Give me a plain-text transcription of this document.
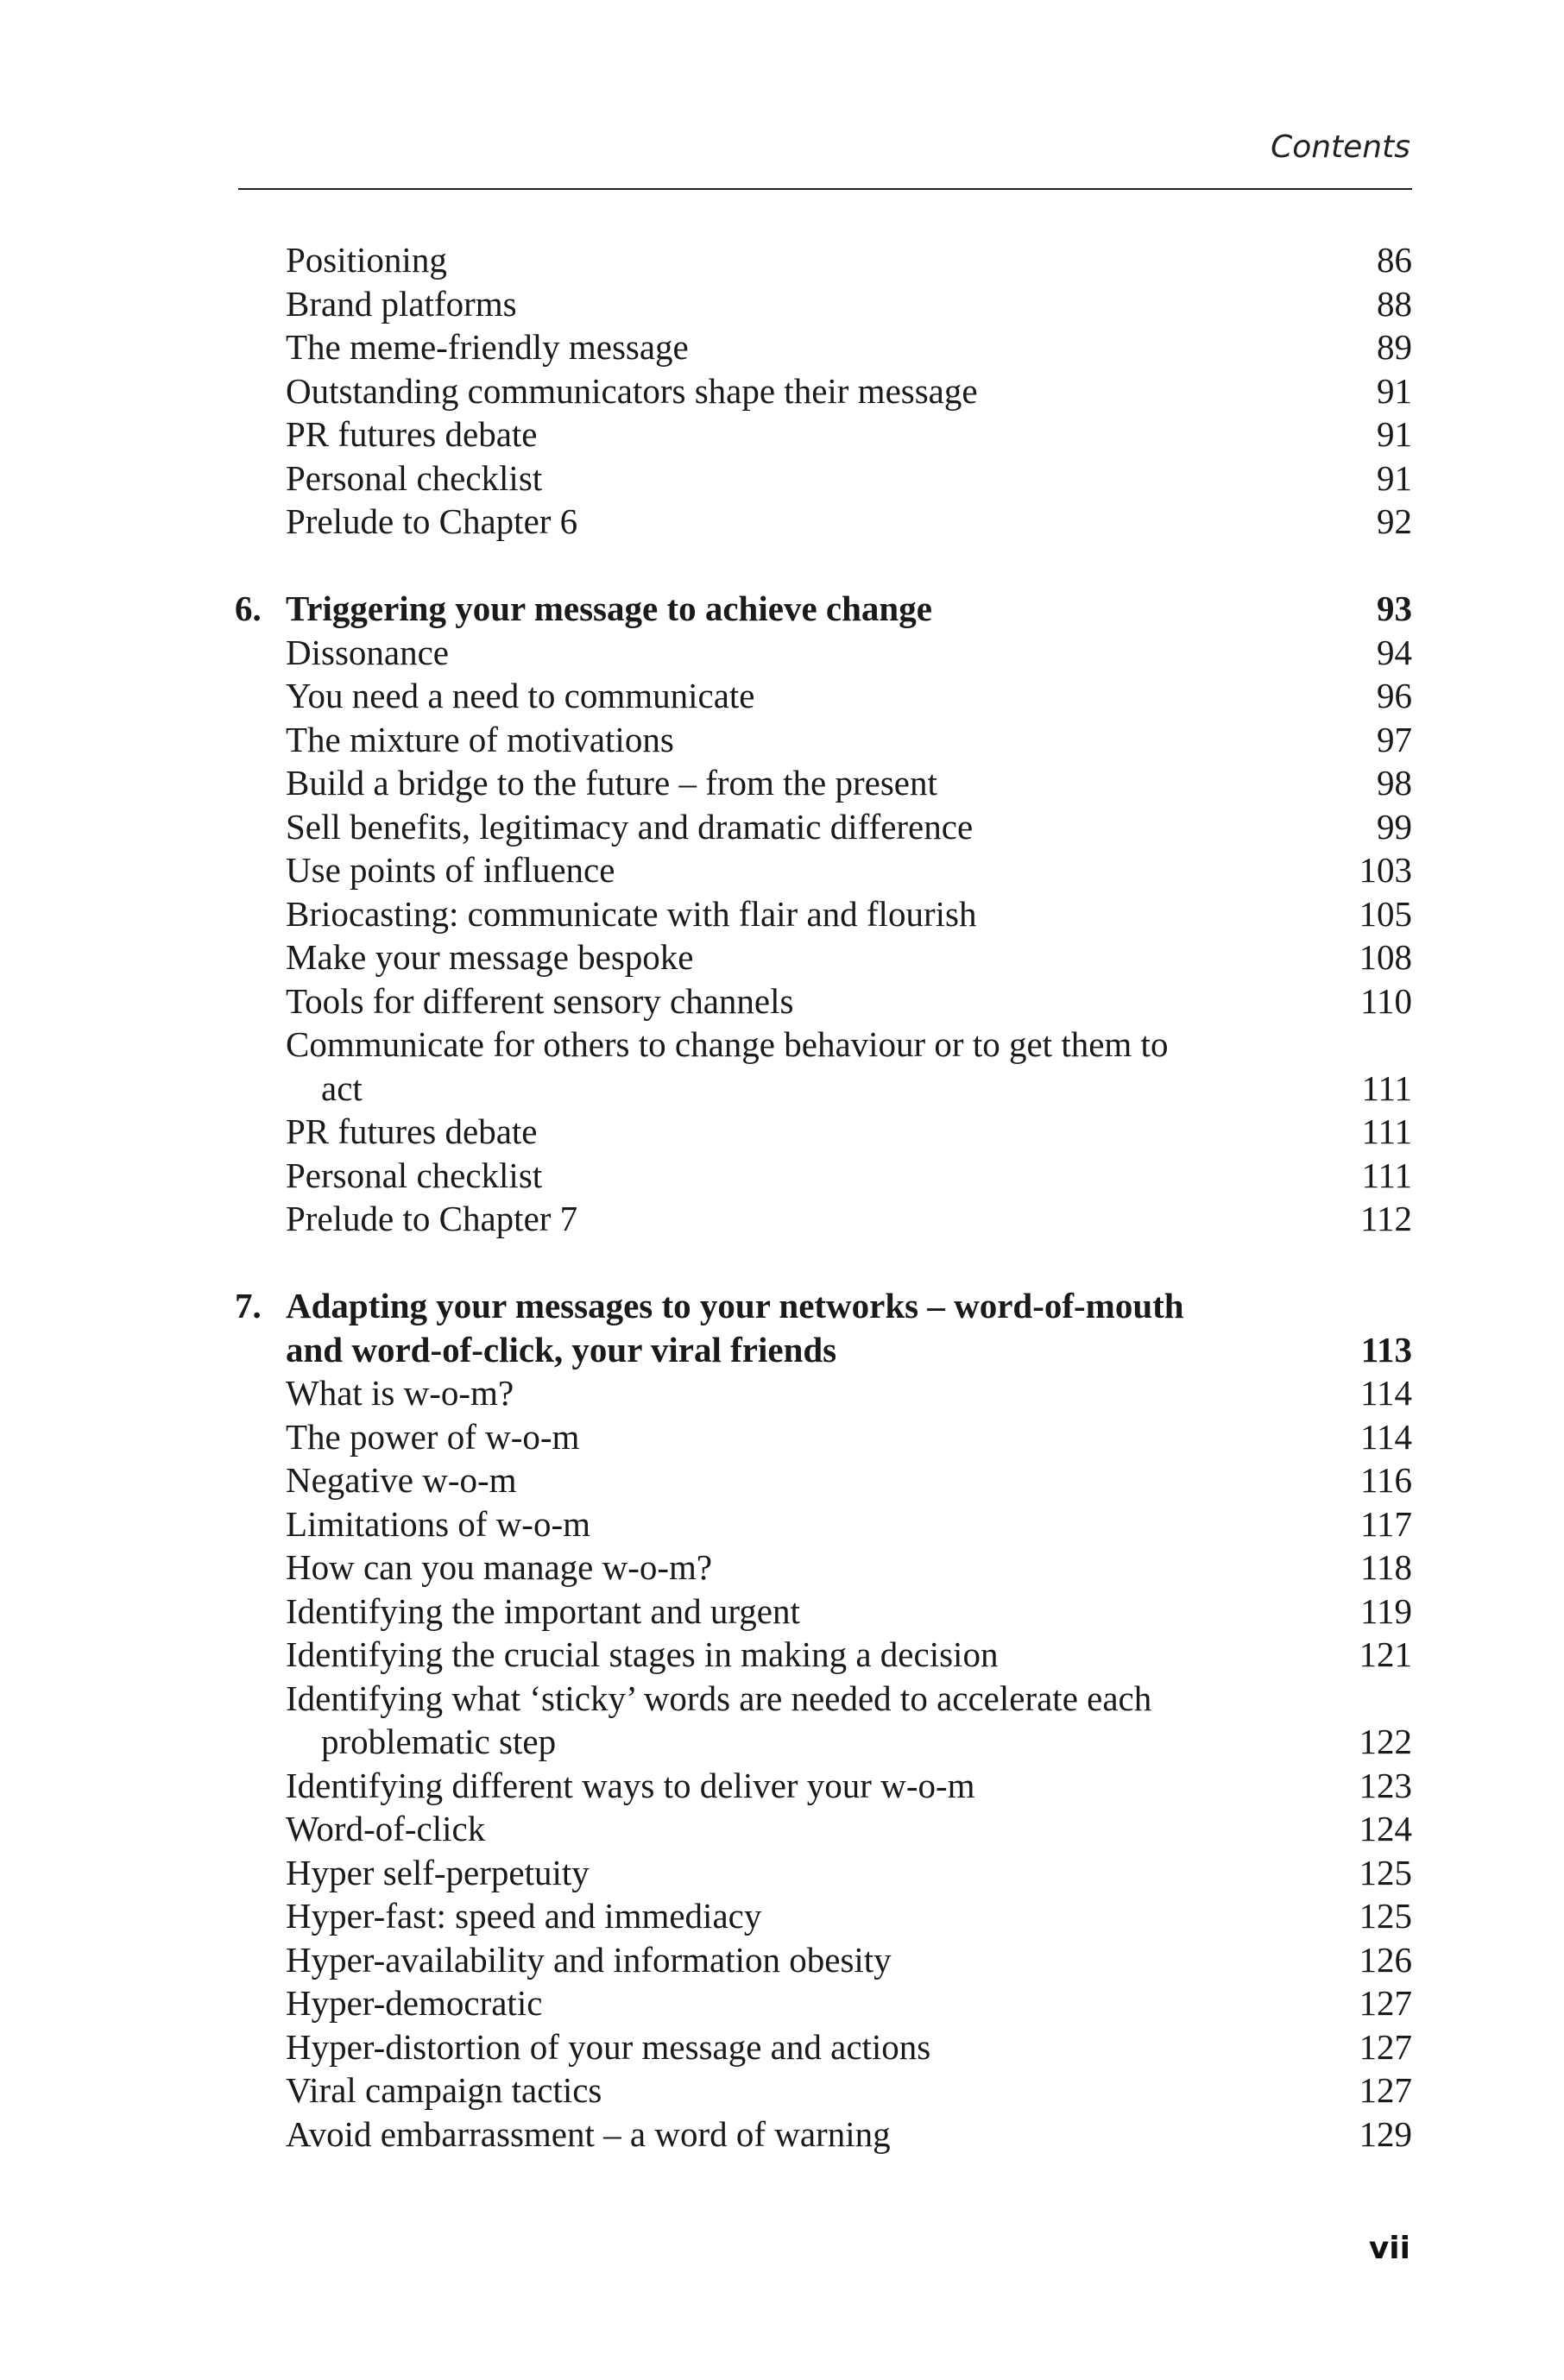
Contents
Positioning	86
Brand platforms	88
The meme-friendly message	89
Outstanding communicators shape their message	91
PR futures debate	91
Personal checklist	91
Prelude to Chapter 6	92
6. Triggering your message to achieve change	93
Dissonance	94
You need a need to communicate	96
The mixture of motivations	97
Build a bridge to the future – from the present	98
Sell benefits, legitimacy and dramatic difference	99
Use points of influence	103
Briocasting: communicate with flair and flourish	105
Make your message bespoke	108
Tools for different sensory channels	110
Communicate for others to change behaviour or to get them to
act	111
PR futures debate	111
Personal checklist	111
Prelude to Chapter 7	112
7. Adapting your messages to your networks – word-of-mouth
and word-of-click, your viral friends	113
What is w-o-m?	114
The power of w-o-m	114
Negative w-o-m	116
Limitations of w-o-m	117
How can you manage w-o-m?	118
Identifying the important and urgent	119
Identifying the crucial stages in making a decision	121
Identifying what ‘sticky’ words are needed to accelerate each
problematic step	122
Identifying different ways to deliver your w-o-m	123
Word-of-click	124
Hyper self-perpetuity	125
Hyper-fast: speed and immediacy	125
Hyper-availability and information obesity	126
Hyper-democratic	127
Hyper-distortion of your message and actions	127
Viral campaign tactics	127
Avoid embarrassment – a word of warning	129
vii
